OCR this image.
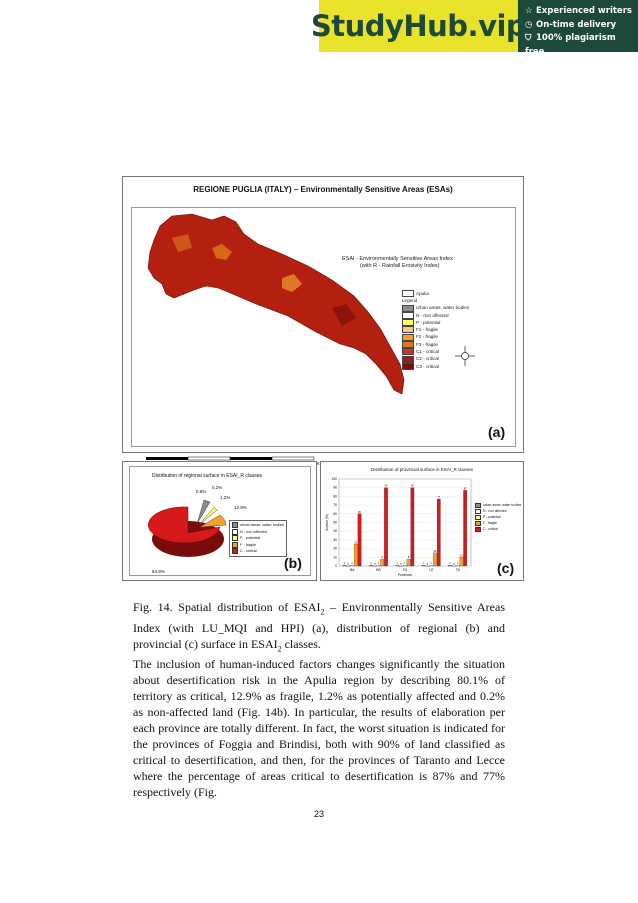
StudyHub.vip
☆ Experienced writers
◷ On-time delivery
⛉ 100% plagiarism free
REGIONE PUGLIA (ITALY) – Environmentally Sensitive Areas (ESAs)
ESAI - Environmentally Sensitive Areas Index
(with R - Rainfall Erosivity Index)
Apulia
Legend
urban areas, water bodies
N - non affected
P - potential
F1 - fragile
F2 - fragile
F3 - fragile
C1 - critical
C2 - critical
C3 - critical
(a)
Distribution of regional surface in ESAI_R classes
0,8%
0,2%
1,2%
12,9%
84,9%
urban areas, water bodies
N - non affected
P - potential
F - fragile
C - critical
(b)
Distribution of provincial surface in ESAI_R classes
0
10
20
30
40
50
60
70
80
90
100
1 0 1
25
60
BA
1 0 1
8
90
BR
1 0 1
8
90
FG
1 0 1
15
77
LE
1 0 1
10
87
TA
Provinces
Surface (%)
urban areas, water bodies
N - non affected
P - potential
F - fragile
C - critical
(c)
Fig. 14. Spatial distribution of $ESAI_2$ – Environmentally Sensitive Areas Index (with LU_MQI and HPI) (a), distribution of regional (b) and provincial (c) surface in $ESAI_2$ classes.
The inclusion of human-induced factors changes significantly the situation about desertification risk in the Apulia region by describing 80.1% of territory as critical, 12.9% as fragile, 1.2% as potentially affected and 0.2% as non-affected land (Fig. 14b). In particular, the results of elaboration per each province are totally different. In fact, the worst situation is indicated for the provinces of Foggia and Brindisi, both with 90% of land classified as critical to desertification, and then, for the provinces of Taranto and Lecce where the percentage of areas critical to desertification is 87% and 77% respectively (Fig.
23
